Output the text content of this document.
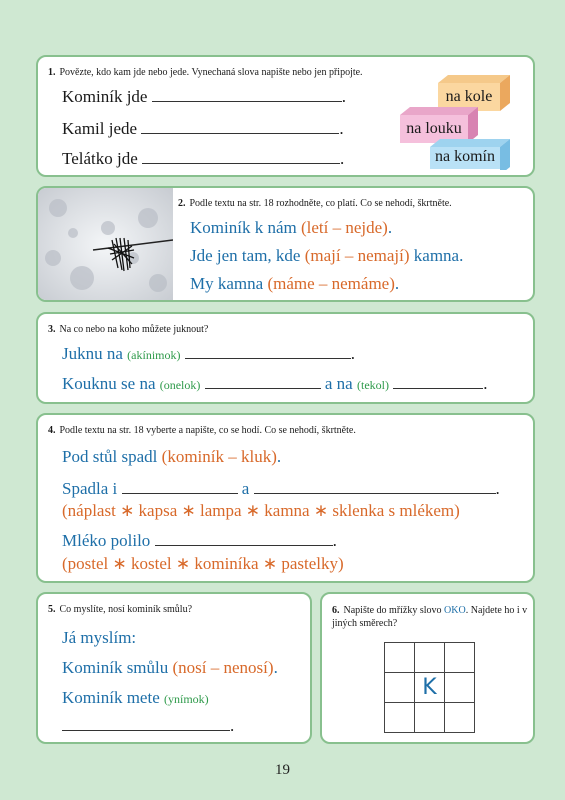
1. Povězte, kdo kam jde nebo jede. Vynechaná slova napište nebo jen připojte.
Kominík jde	.
Kamil jede	.
Telátko jde	.
na kole
na louku
na komín
2. Podle textu na str. 18 rozhodněte, co platí. Co se nehodí, škrtněte.
Kominík k nám (letí – nejde).
Jde jen tam, kde (mají – nemají) kamna.
My kamna (máme – nemáme).
3. Na co nebo na koho můžete juknout?
Juknu na (akínimok)	.
Kouknu se na (onelok)	a na (tekol)	.
4. Podle textu na str. 18 vyberte a napište, co se hodí. Co se nehodí, škrtněte.
Pod stůl spadl (kominík – kluk).
Spadla i	a	.
(náplast ∗ kapsa ∗ lampa ∗ kamna ∗ sklenka s mlékem)
Mléko polilo	.
(postel ∗ kostel ∗ kominíka ∗ pastelky)
5. Co myslíte, nosí kominík smůlu?
Já myslím:
Kominík smůlu (nosí – nenosí).
Kominík mete (ynímok)
.
6. Napište do mřížky slovo OKO. Najdete ho i v jiných směrech?

	K	

19
